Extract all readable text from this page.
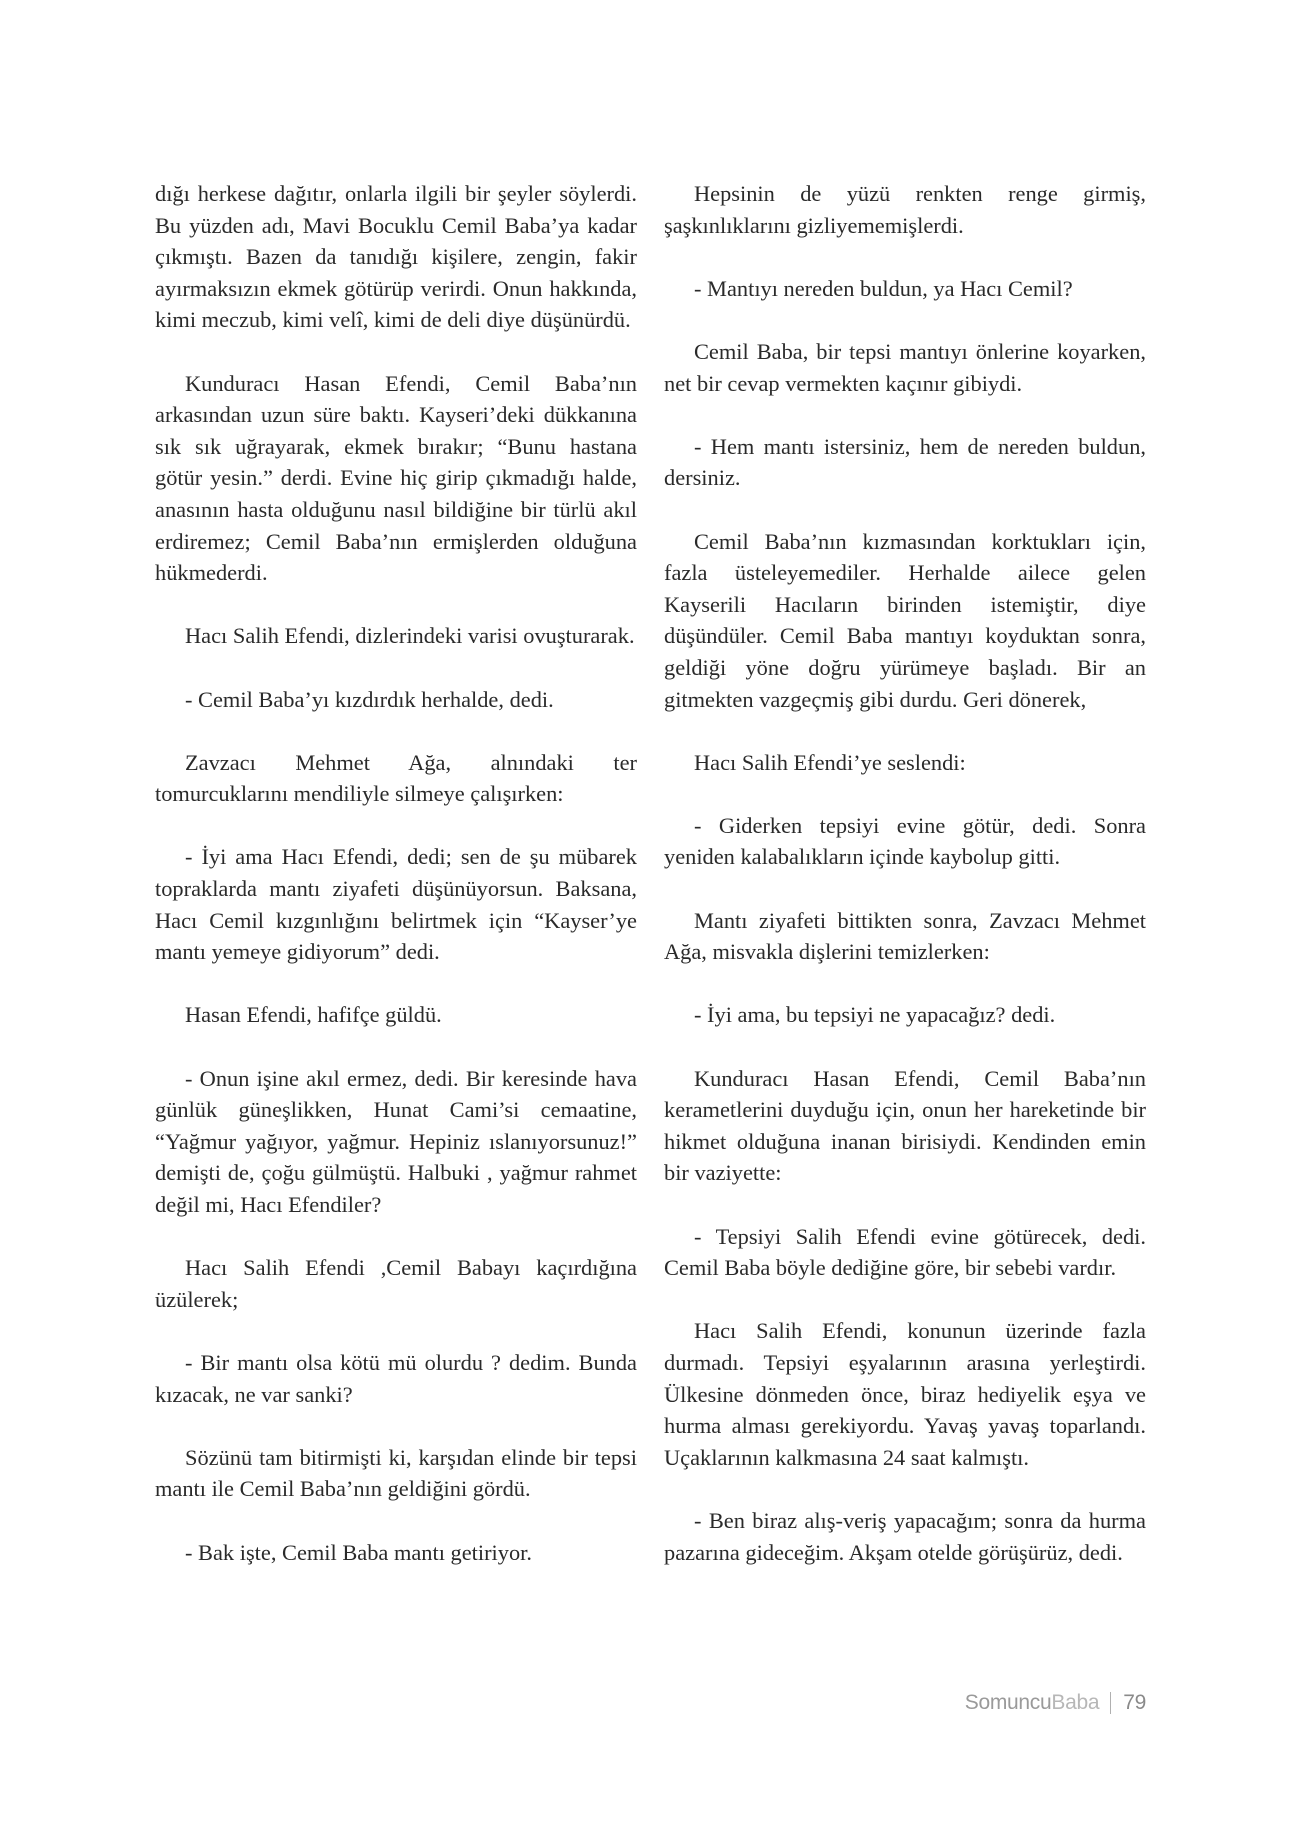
dığı herkese dağıtır, onlarla ilgili bir şeyler söylerdi. Bu yüzden adı, Mavi Bocuklu Cemil Baba’ya kadar çıkmıştı. Bazen da tanıdığı kişilere, zengin, fakir ayırmaksızın ekmek götürüp verirdi. Onun hakkında, kimi meczub, kimi velî, kimi de deli diye düşünürdü.

Kunduracı Hasan Efendi, Cemil Baba’nın arkasından uzun süre baktı. Kayseri’deki dükkanına sık sık uğrayarak, ekmek bırakır; “Bunu hastana götür yesin.” derdi. Evine hiç girip çıkmadığı halde, anasının hasta olduğunu nasıl bildiğine bir türlü akıl erdiremez; Cemil Baba’nın ermişlerden olduğuna hükmederdi.

Hacı Salih Efendi, dizlerindeki varisi ovuşturarak.

- Cemil Baba’yı kızdırdık herhalde, dedi.

Zavzacı Mehmet Ağa, alnındaki ter tomurcuklarını mendiliyle silmeye çalışırken:

- İyi ama Hacı Efendi, dedi; sen de şu mübarek topraklarda mantı ziyafeti düşünüyorsun. Baksana, Hacı Cemil kızgınlığını belirtmek için “Kayser’ye mantı yemeye gidiyorum” dedi.

Hasan Efendi, hafifçe güldü.

- Onun işine akıl ermez, dedi. Bir keresinde hava günlük güneşlikken, Hunat Cami’si cemaatine, “Yağmur yağıyor, yağmur. Hepiniz ıslanıyorsunuz!” demişti de, çoğu gülmüştü. Halbuki , yağmur rahmet değil mi, Hacı Efendiler?

Hacı Salih Efendi ,Cemil Babayı kaçırdığına üzülerek;

- Bir mantı olsa kötü mü olurdu ? dedim. Bunda kızacak, ne var sanki?

Sözünü tam bitirmişti ki, karşıdan elinde bir tepsi mantı ile Cemil Baba’nın geldiğini gördü.

- Bak işte, Cemil Baba mantı getiriyor.

Hepsinin de yüzü renkten renge girmiş, şaşkınlıklarını gizliyememişlerdi.

- Mantıyı nereden buldun, ya Hacı Cemil?

Cemil Baba, bir tepsi mantıyı önlerine koyarken, net bir cevap vermekten kaçınır gibiydi.

- Hem mantı istersiniz, hem de nereden buldun, dersiniz.

Cemil Baba’nın kızmasından korktukları için, fazla üsteleyemediler. Herhalde ailece gelen Kayserili Hacıların birinden istemiştir, diye düşündüler. Cemil Baba mantıyı koyduktan sonra, geldiği yöne doğru yürümeye başladı. Bir an gitmekten vazgeçmiş gibi durdu. Geri dönerek,

Hacı Salih Efendi’ye seslendi:

- Giderken tepsiyi evine götür, dedi. Sonra yeniden kalabalıkların içinde kaybolup gitti.

Mantı ziyafeti bittikten sonra, Zavzacı Mehmet Ağa, misvakla dişlerini temizlerken:

- İyi ama, bu tepsiyi ne yapacağız? dedi.

Kunduracı Hasan Efendi, Cemil Baba’nın kerametlerini duyduğu için, onun her hareketinde bir hikmet olduğuna inanan birisiydi. Kendinden emin bir vaziyette:

- Tepsiyi Salih Efendi evine götürecek, dedi. Cemil Baba böyle dediğine göre, bir sebebi vardır.

Hacı Salih Efendi, konunun üzerinde fazla durmadı. Tepsiyi eşyalarının arasına yerleştirdi. Ülkesine dönmeden önce, biraz hediyelik eşya ve hurma alması gerekiyordu. Yavaş yavaş toparlandı. Uçaklarının kalkmasına 24 saat kalmıştı.

- Ben biraz alış-veriş yapacağım; sonra da hurma pazarına gideceğim. Akşam otelde görüşürüz, dedi.

SomuncuBaba 79
